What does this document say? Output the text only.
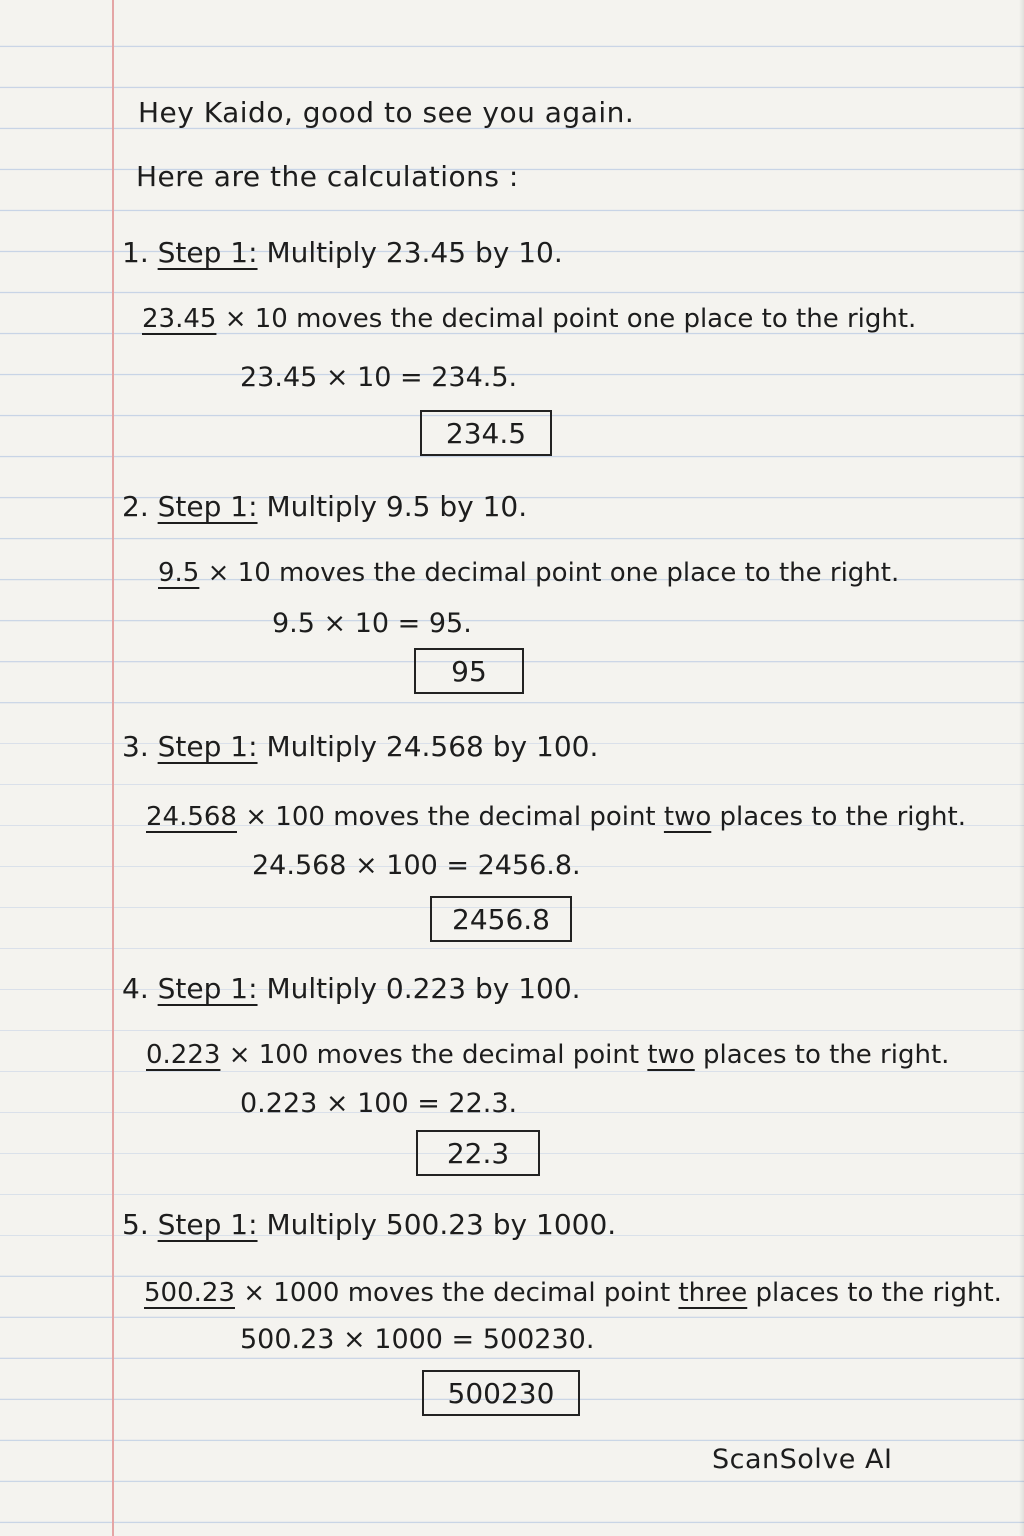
Hey Kaido, good to see you again.
Here are the calculations :
1. Step 1: Multiply 23.45 by 10.
23.45 × 10 moves the decimal point one place to the right.
23.45 × 10 = 234.5.
234.5
2. Step 1: Multiply 9.5 by 10.
9.5 × 10 moves the decimal point one place to the right.
9.5 × 10 = 95.
95
3. Step 1: Multiply 24.568 by 100.
24.568 × 100 moves the decimal point two places to the right.
24.568 × 100 = 2456.8.
2456.8
4. Step 1: Multiply 0.223 by 100.
0.223 × 100 moves the decimal point two places to the right.
0.223 × 100 = 22.3.
22.3
5. Step 1: Multiply 500.23 by 1000.
500.23 × 1000 moves the decimal point three places to the right.
500.23 × 1000 = 500230.
500230
ScanSolve AI
